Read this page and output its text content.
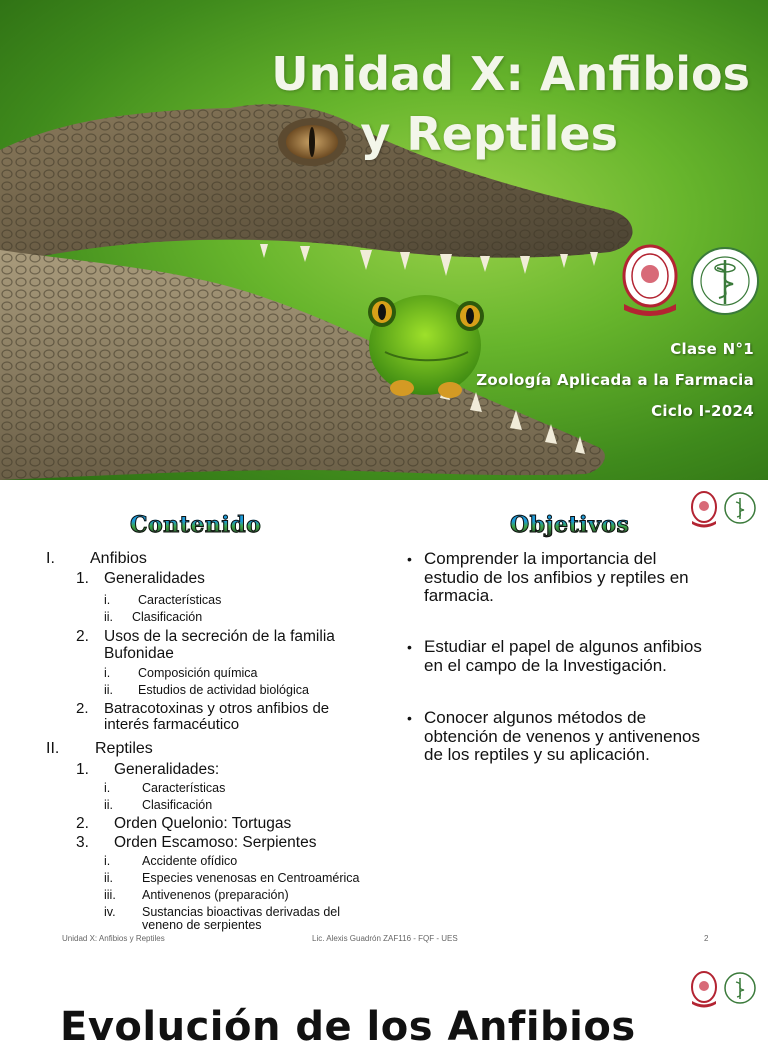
Unidad X: Anfibios

y Reptiles
Clase N°1
Zoología Aplicada a la Farmacia
Ciclo I-2024
Contenido	Objetivos
I. Anfibios
1. Generalidades
i. Características
ii. Clasificación
2. Usos de la secreción de la familia
Bufonidae
i. Composición química
ii. Estudios de actividad biológica
2. Batracotoxinas y otros anfibios de
interés farmacéutico
II. Reptiles
1. Generalidades:
i.	Características
ii. Clasificación
2. Orden Quelonio: Tortugas
3. Orden Escamoso: Serpientes
i.	Accidente ofídico
ii. Especies venenosas en Centroamérica
iii. Antivenenos (preparación)
iv. Sustancias bioactivas derivadas del
veneno de serpientes
• Comprender la importancia del
estudio de los anfibios y reptiles en
farmacia.
• Estudiar el papel de algunos anfibios
en el campo de la Investigación.
• Conocer algunos métodos de
obtención de venenos y antivenenos
de los reptiles y su aplicación.
Unidad X: Anfibios y Reptiles	Lic. Alexis Guadrón ZAF116 - FQF - UES	2
Evolución de los Anfibios
